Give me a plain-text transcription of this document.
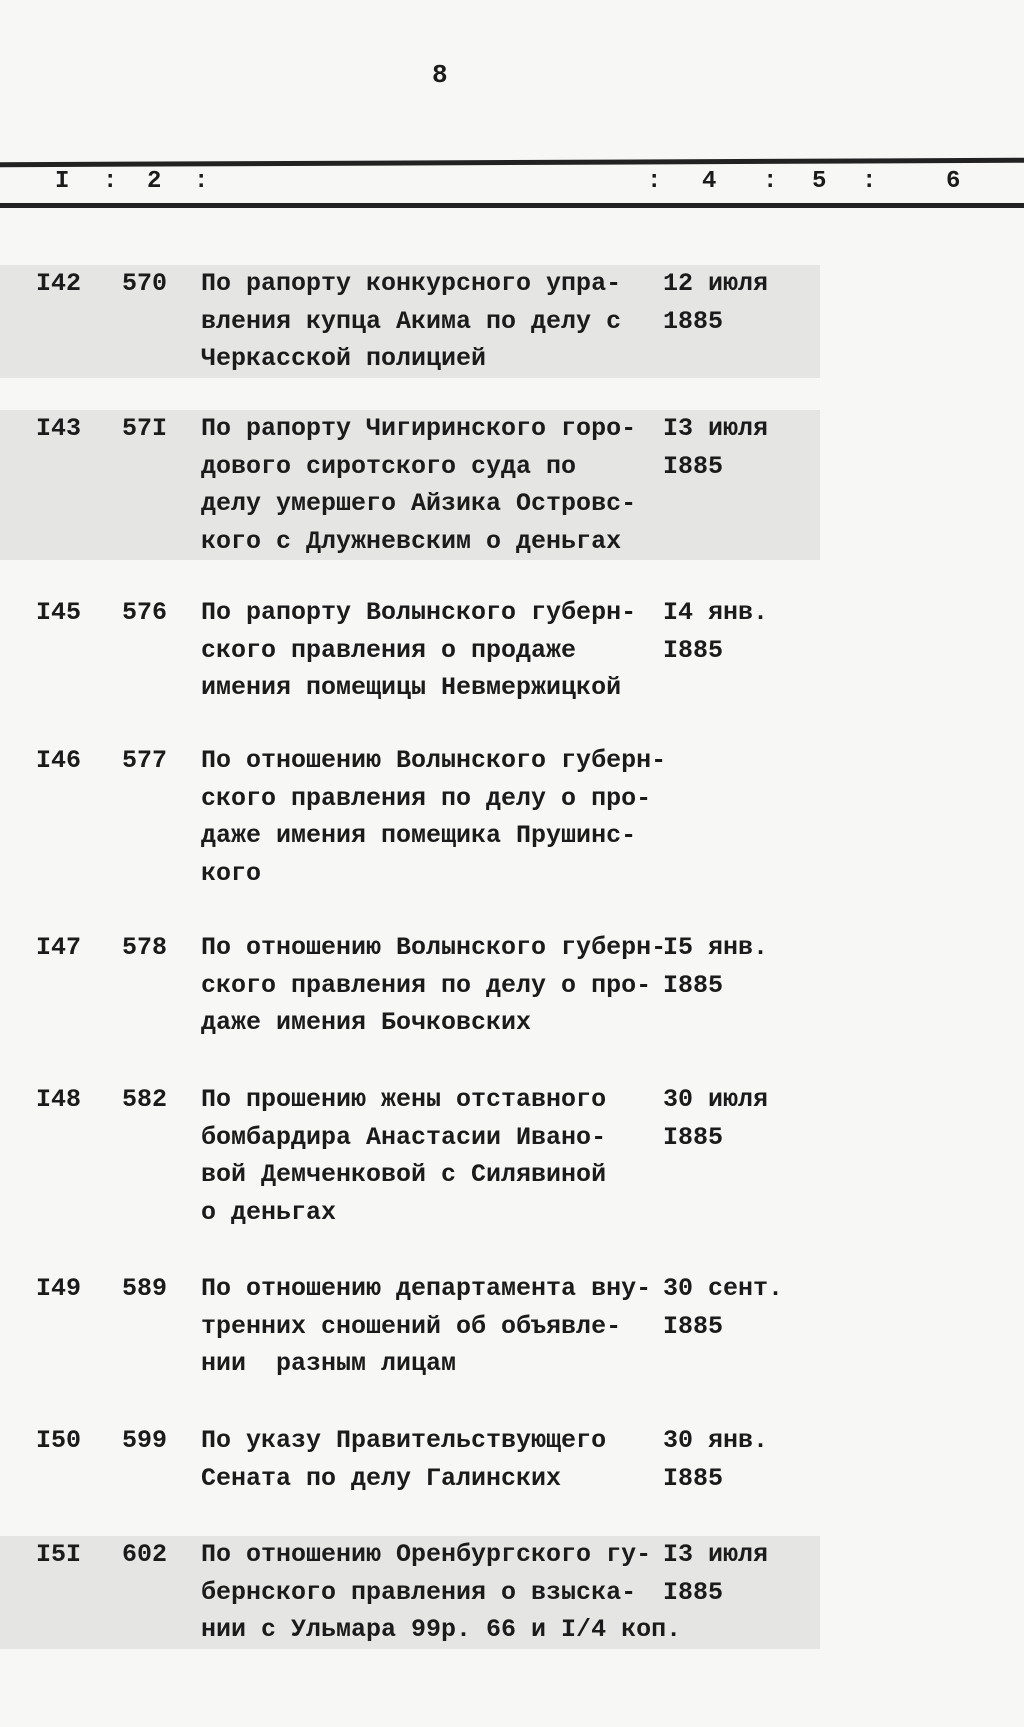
8
I : 2 :	: 4 : 5 :	6
I42 570 По рапорту конкурсного упра-
вления купца Акима по делу с
Черкасской полицией
12 июля
1885
I43 57I По рапорту Чигиринского горо-
дового сиротского суда по
делу умершего Айзика Островс-
кого с Длужневским о деньгах
I3 июля
I885
I45 576 По рапорту Волынского губерн-
ского правления о продаже
имения помещицы Невмержицкой
I4 янв.
I885
I46 577 По отношению Волынского губерн-
ского правления по делу о про-
даже имения помещика Прушинс-
кого
I47 578 По отношению Волынского губерн-
ского правления по делу о про-
даже имения Бочковских
I5 янв.
I885
I48 582 По прошению жены отставного
бомбардира Анастасии Ивано-
вой Демченковой с Силявиной
о деньгах
30 июля
I885
I49 589 По отношению департамента вну-
тренних сношений об объявле-
нии  разным лицам
30 сент.
I885
I50 599 По указу Правительствующего
Сената по делу Галинских
30 янв.
I885
I5I 602 По отношению Оренбургского гу-
бернского правления о взыска-
нии с Ульмара 99р. 66 и I/4 коп.
I3 июля
I885
